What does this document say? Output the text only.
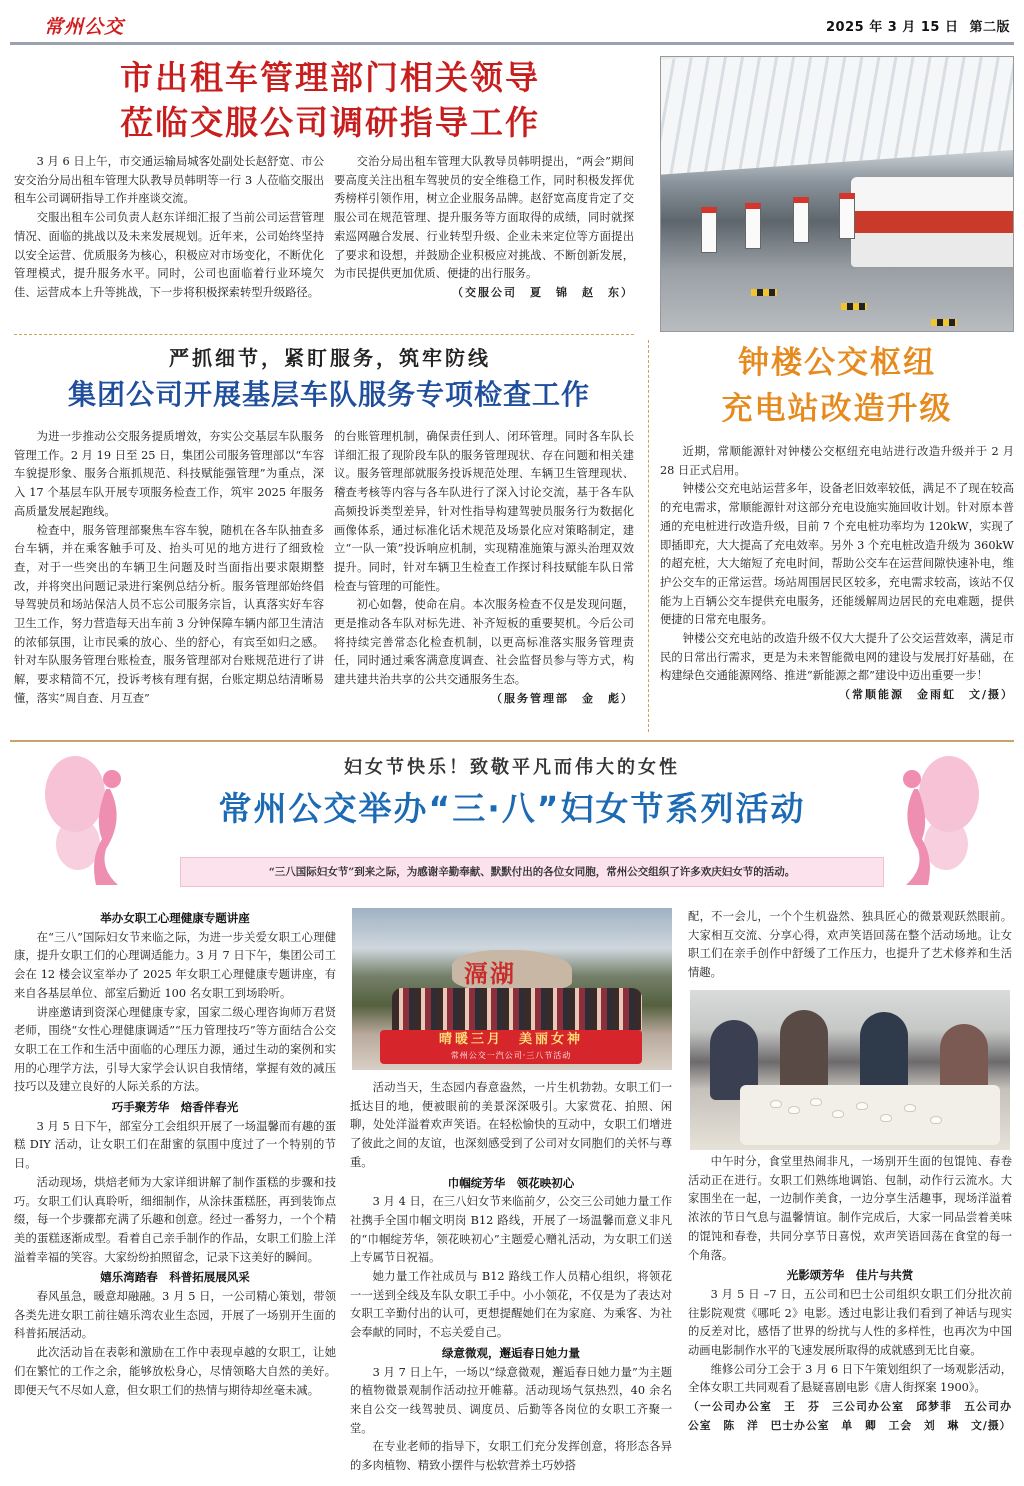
常州公交	2025 年 3 月 15 日 第二版
市出租车管理部门相关领导
莅临交服公司调研指导工作

3 月 6 日上午，市交通运输局城客处副处长赵舒宽、市公安交治分局出租车管理大队教导员韩明等一行 3 人莅临交服出租车公司调研指导工作并座谈交流。

交服出租车公司负责人赵东详细汇报了当前公司运营管理情况、面临的挑战以及未来发展规划。近年来，公司始终坚持以安全运营、优质服务为核心，积极应对市场变化，不断优化管理模式，提升服务水平。同时，公司也面临着行业环境欠佳、运营成本上升等挑战，下一步将积极探索转型升级路径。

交治分局出租车管理大队教导员韩明提出，“两会”期间要高度关注出租车驾驶员的安全维稳工作，同时积极发挥优秀榜样引领作用，树立企业服务品牌。赵舒宽高度肯定了交服公司在规范管理、提升服务等方面取得的成绩，同时就探索巡网融合发展、行业转型升级、企业未来定位等方面提出了要求和设想，并鼓励企业积极应对挑战、不断创新发展，为市民提供更加优质、便捷的出行服务。

（交服公司　夏　锦　赵　东）
严抓细节，紧盯服务，筑牢防线
集团公司开展基层车队服务专项检查工作

为进一步推动公交服务提质增效，夯实公交基层车队服务管理工作。2 月 19 日至 25 日，集团公司服务管理部以“车容车貌提形象、服务合瓶抓规范、科技赋能强管理”为重点，深入 17 个基层车队开展专项服务检查工作，筑牢 2025 年服务高质量发展起跑线。

检查中，服务管理部聚焦车容车貌，随机在各车队抽查多台车辆，并在乘客触手可及、抬头可见的地方进行了细致检查，对于一些突出的车辆卫生问题及时当面指出要求限期整改，并将突出问题记录进行案例总结分析。服务管理部始终倡导驾驶员和场站保洁人员不忘公司服务宗旨，认真落实好车容卫生工作，努力营造每天出车前 3 分钟保障车辆内部卫生清洁的浓郁氛围，让市民乘的放心、坐的舒心，有宾至如归之感。针对车队服务管理台账检查，服务管理部对台账规范进行了讲解，要求精简不冗，投诉考核有理有据，台账定期总结清晰易懂，落实“周自查、月互查”

的台账管理机制，确保责任到人、闭环管理。同时各车队长详细汇报了现阶段车队的服务管理现状、存在问题和相关建议。服务管理部就服务投诉规范处理、车辆卫生管理现状、稽查考核等内容与各车队进行了深入讨论交流，基于各车队高频投诉类型差异，针对性指导构建驾驶员服务行为数据化画像体系，通过标准化话术规范及场景化应对策略制定，建立“一队一策”投诉响应机制，实现精准施策与源头治理双效提升。同时，针对车辆卫生检查工作探讨科技赋能车队日常检查与管理的可能性。

初心如磐，使命在肩。本次服务检查不仅是发现问题，更是推动各车队对标先进、补齐短板的重要契机。今后公司将持续完善常态化检查机制，以更高标准落实服务管理责任，同时通过乘客满意度调查、社会监督员参与等方式，构建共建共治共享的公共交通服务生态。

（服务管理部　金　彪）
钟楼公交枢纽
充电站改造升级

近期，常顺能源针对钟楼公交枢纽充电站进行改造升级并于 2 月 28 日正式启用。

钟楼公交充电站运营多年，设备老旧效率较低，满足不了现在较高的充电需求，常顺能源针对这部分充电设施实施回收计划。针对原本普通的充电桩进行改造升级，目前 7 个充电桩功率均为 120kW，实现了即插即充，大大提高了充电效率。另外 3 个充电桩改造升级为 360kW 的超充桩，大大缩短了充电时间，帮助公交车在运营间隙快速补电，维护公交车的正常运营。场站周围居民区较多，充电需求较高，该站不仅能为上百辆公交车提供充电服务，还能缓解周边居民的充电难题，提供便捷的日常充电服务。

钟楼公交充电站的改造升级不仅大大提升了公交运营效率，满足市民的日常出行需求，更是为未来智能微电网的建设与发展打好基础，在构建绿色交通能源网络、推进“新能源之都”建设中迈出重要一步！

（常顺能源　金雨虹　文/摄）
妇女节快乐！致敬平凡而伟大的女性
常州公交举办“三·八”妇女节系列活动
“三八国际妇女节”到来之际，为感谢辛勤奉献、默默付出的各位女同胞，常州公交组织了许多欢庆妇女节的活动。
举办女职工心理健康专题讲座

在“三八”国际妇女节来临之际，为进一步关爱女职工心理健康，提升女职工们的心理调适能力。3 月 7 日下午，集团公司工会在 12 楼会议室举办了 2025 年女职工心理健康专题讲座，有来自各基层单位、部室后勤近 100 名女职工到场聆听。

讲座邀请到资深心理健康专家，国家二级心理咨询师万君贤老师，围绕“女性心理健康调适”“压力管理技巧”等方面结合公交女职工在工作和生活中面临的心理压力源，通过生动的案例和实用的心理学方法，引导大家学会认识自我情绪，掌握有效的减压技巧以及建立良好的人际关系的方法。

巧手聚芳华　焙香伴春光

3 月 5 日下午，部室分工会组织开展了一场温馨而有趣的蛋糕 DIY 活动，让女职工们在甜蜜的氛围中度过了一个特别的节日。

活动现场，烘焙老师为大家详细讲解了制作蛋糕的步骤和技巧。女职工们认真聆听，细细制作，从涂抹蛋糕胚，再到装饰点缀，每一个步骤都充满了乐趣和创意。经过一番努力，一个个精美的蛋糕逐渐成型。看着自己亲手制作的作品，女职工们脸上洋溢着幸福的笑容。大家纷纷拍照留念，记录下这美好的瞬间。

嬉乐湾踏春　科普拓展展风采

春风虽急，暖意却融融。3 月 5 日，一公司精心策划，带领各类先进女职工前往嬉乐湾农业生态园，开展了一场别开生面的科普拓展活动。

此次活动旨在表彰和激励在工作中表现卓越的女职工，让她们在繁忙的工作之余，能够放松身心，尽情领略大自然的美好。即便天气不尽如人意，但女职工们的热情与期待却丝毫未减。

滆湖
晴暖三月　美丽女神
常州公交一汽公司·三八节活动

活动当天，生态园内春意盎然，一片生机勃勃。女职工们一抵达目的地，便被眼前的美景深深吸引。大家赏花、拍照、闲聊，处处洋溢着欢声笑语。在轻松愉快的互动中，女职工们增进了彼此之间的友谊，也深刻感受到了公司对女同胞们的关怀与尊重。

巾帼绽芳华　领花映初心

3 月 4 日，在三八妇女节来临前夕，公交三公司她力量工作社携手全国巾帼文明岗 B12 路线，开展了一场温馨而意义非凡的“巾帼绽芳华，领花映初心”主题爱心赠礼活动，为女职工们送上专属节日祝福。

她力量工作社成员与 B12 路线工作人员精心组织，将领花一一送到全线及车队女职工手中。小小领花，不仅是为了表达对女职工辛勤付出的认可，更想提醒她们在为家庭、为乘客、为社会奉献的同时，不忘关爱自己。

绿意微观，邂逅春日她力量

3 月 7 日上午，一场以“绿意微观，邂逅春日她力量”为主题的植物微景观制作活动拉开帷幕。活动现场气氛热烈，40 余名来自公交一线驾驶员、调度员、后勤等各岗位的女职工齐聚一堂。

在专业老师的指导下，女职工们充分发挥创意，将形态各异的多肉植物、精致小摆件与松软营养土巧妙搭

配，不一会儿，一个个生机盎然、独具匠心的微景观跃然眼前。大家相互交流、分享心得，欢声笑语回荡在整个活动场地。让女职工们在亲手创作中舒缓了工作压力，也提升了艺术修养和生活情趣。

中午时分，食堂里热闹非凡，一场别开生面的包馄饨、春卷活动正在进行。女职工们熟练地调馅、包制，动作行云流水。大家围坐在一起，一边制作美食，一边分享生活趣事，现场洋溢着浓浓的节日气息与温馨情谊。制作完成后，大家一同品尝着美味的馄饨和春卷，共同分享节日喜悦，欢声笑语回荡在食堂的每一个角落。

光影颂芳华　佳片与共赏

3 月 5 日 –7 日，五公司和巴士公司组织女职工们分批次前往影院观赏《哪吒 2》电影。透过电影让我们看到了神话与现实的反差对比，感悟了世界的纷扰与人性的多样性，也再次为中国动画电影制作水平的飞速发展所取得的成就感到无比自豪。

维修公司分工会于 3 月 6 日下午策划组织了一场观影活动，全体女职工共同观看了悬疑喜剧电影《唐人街探案 1900》。

（一公司办公室　王　芬　三公司办公室　邱梦菲　五公司办公室　陈　洋　巴士办公室　单　卿　工会　刘　琳　文/摄）
